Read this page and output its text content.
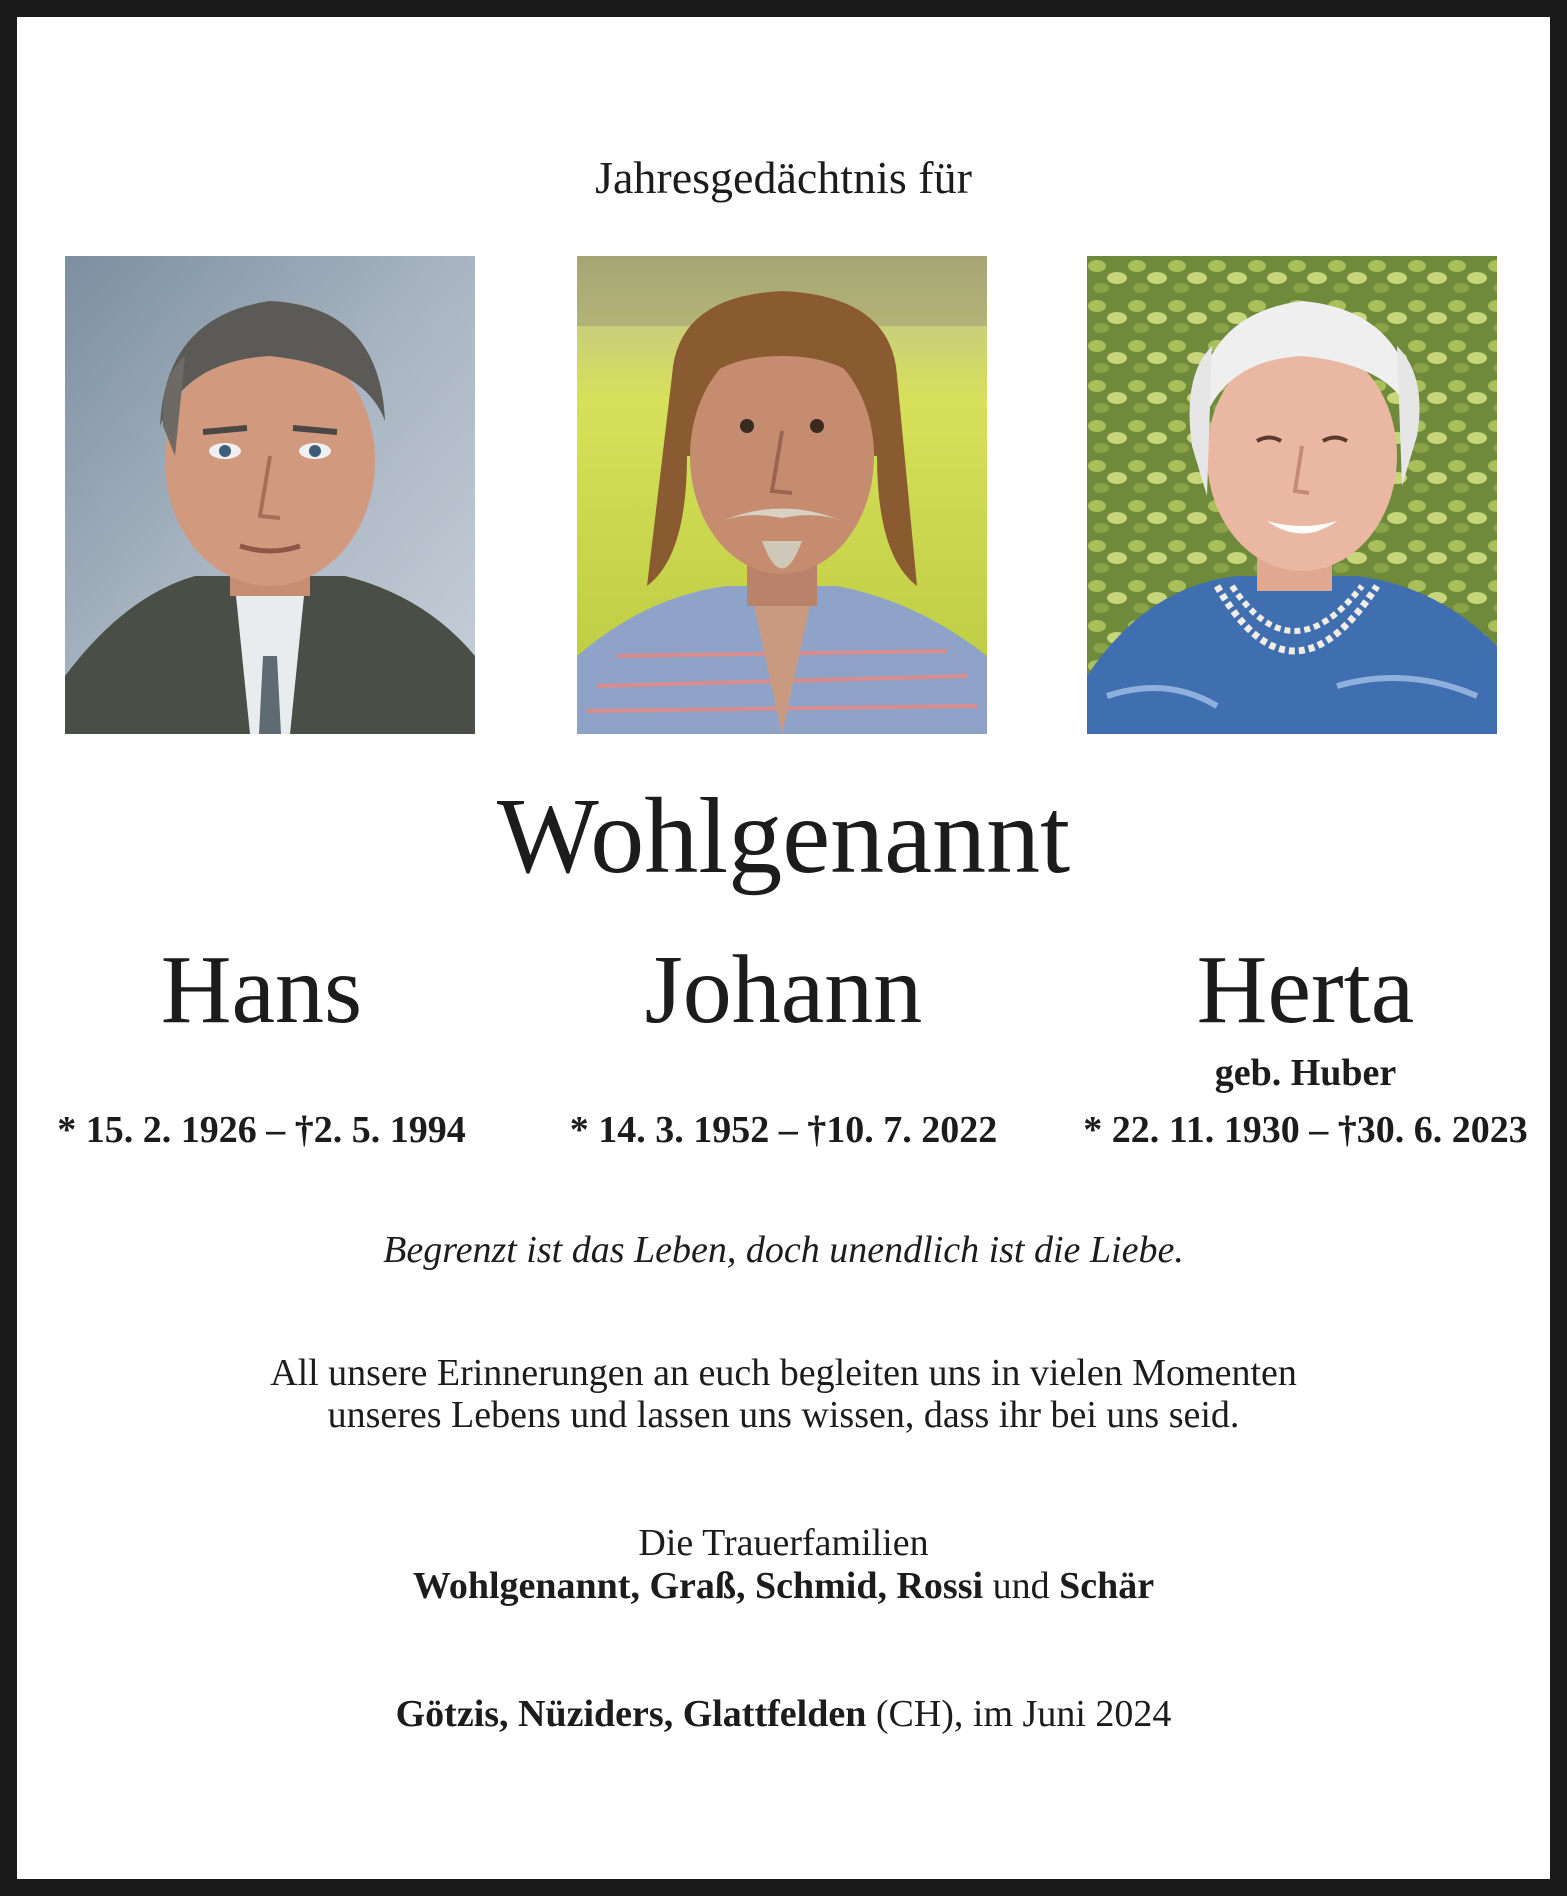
Jahresgedächtnis für
Wohlgenannt
Hans	Johann	Herta
geb. Huber
* 15. 2. 1926 – †2. 5. 1994	* 14. 3. 1952 – †10. 7. 2022	* 22. 11. 1930 – †30. 6. 2023
Begrenzt ist das Leben, doch unendlich ist die Liebe.
All unsere Erinnerungen an euch begleiten uns in vielen Momenten
unseres Lebens und lassen uns wissen, dass ihr bei uns seid.
Die Trauerfamilien
Wohlgenannt, Graß, Schmid, Rossi und Schär
Götzis, Nüziders, Glattfelden (CH), im Juni 2024
